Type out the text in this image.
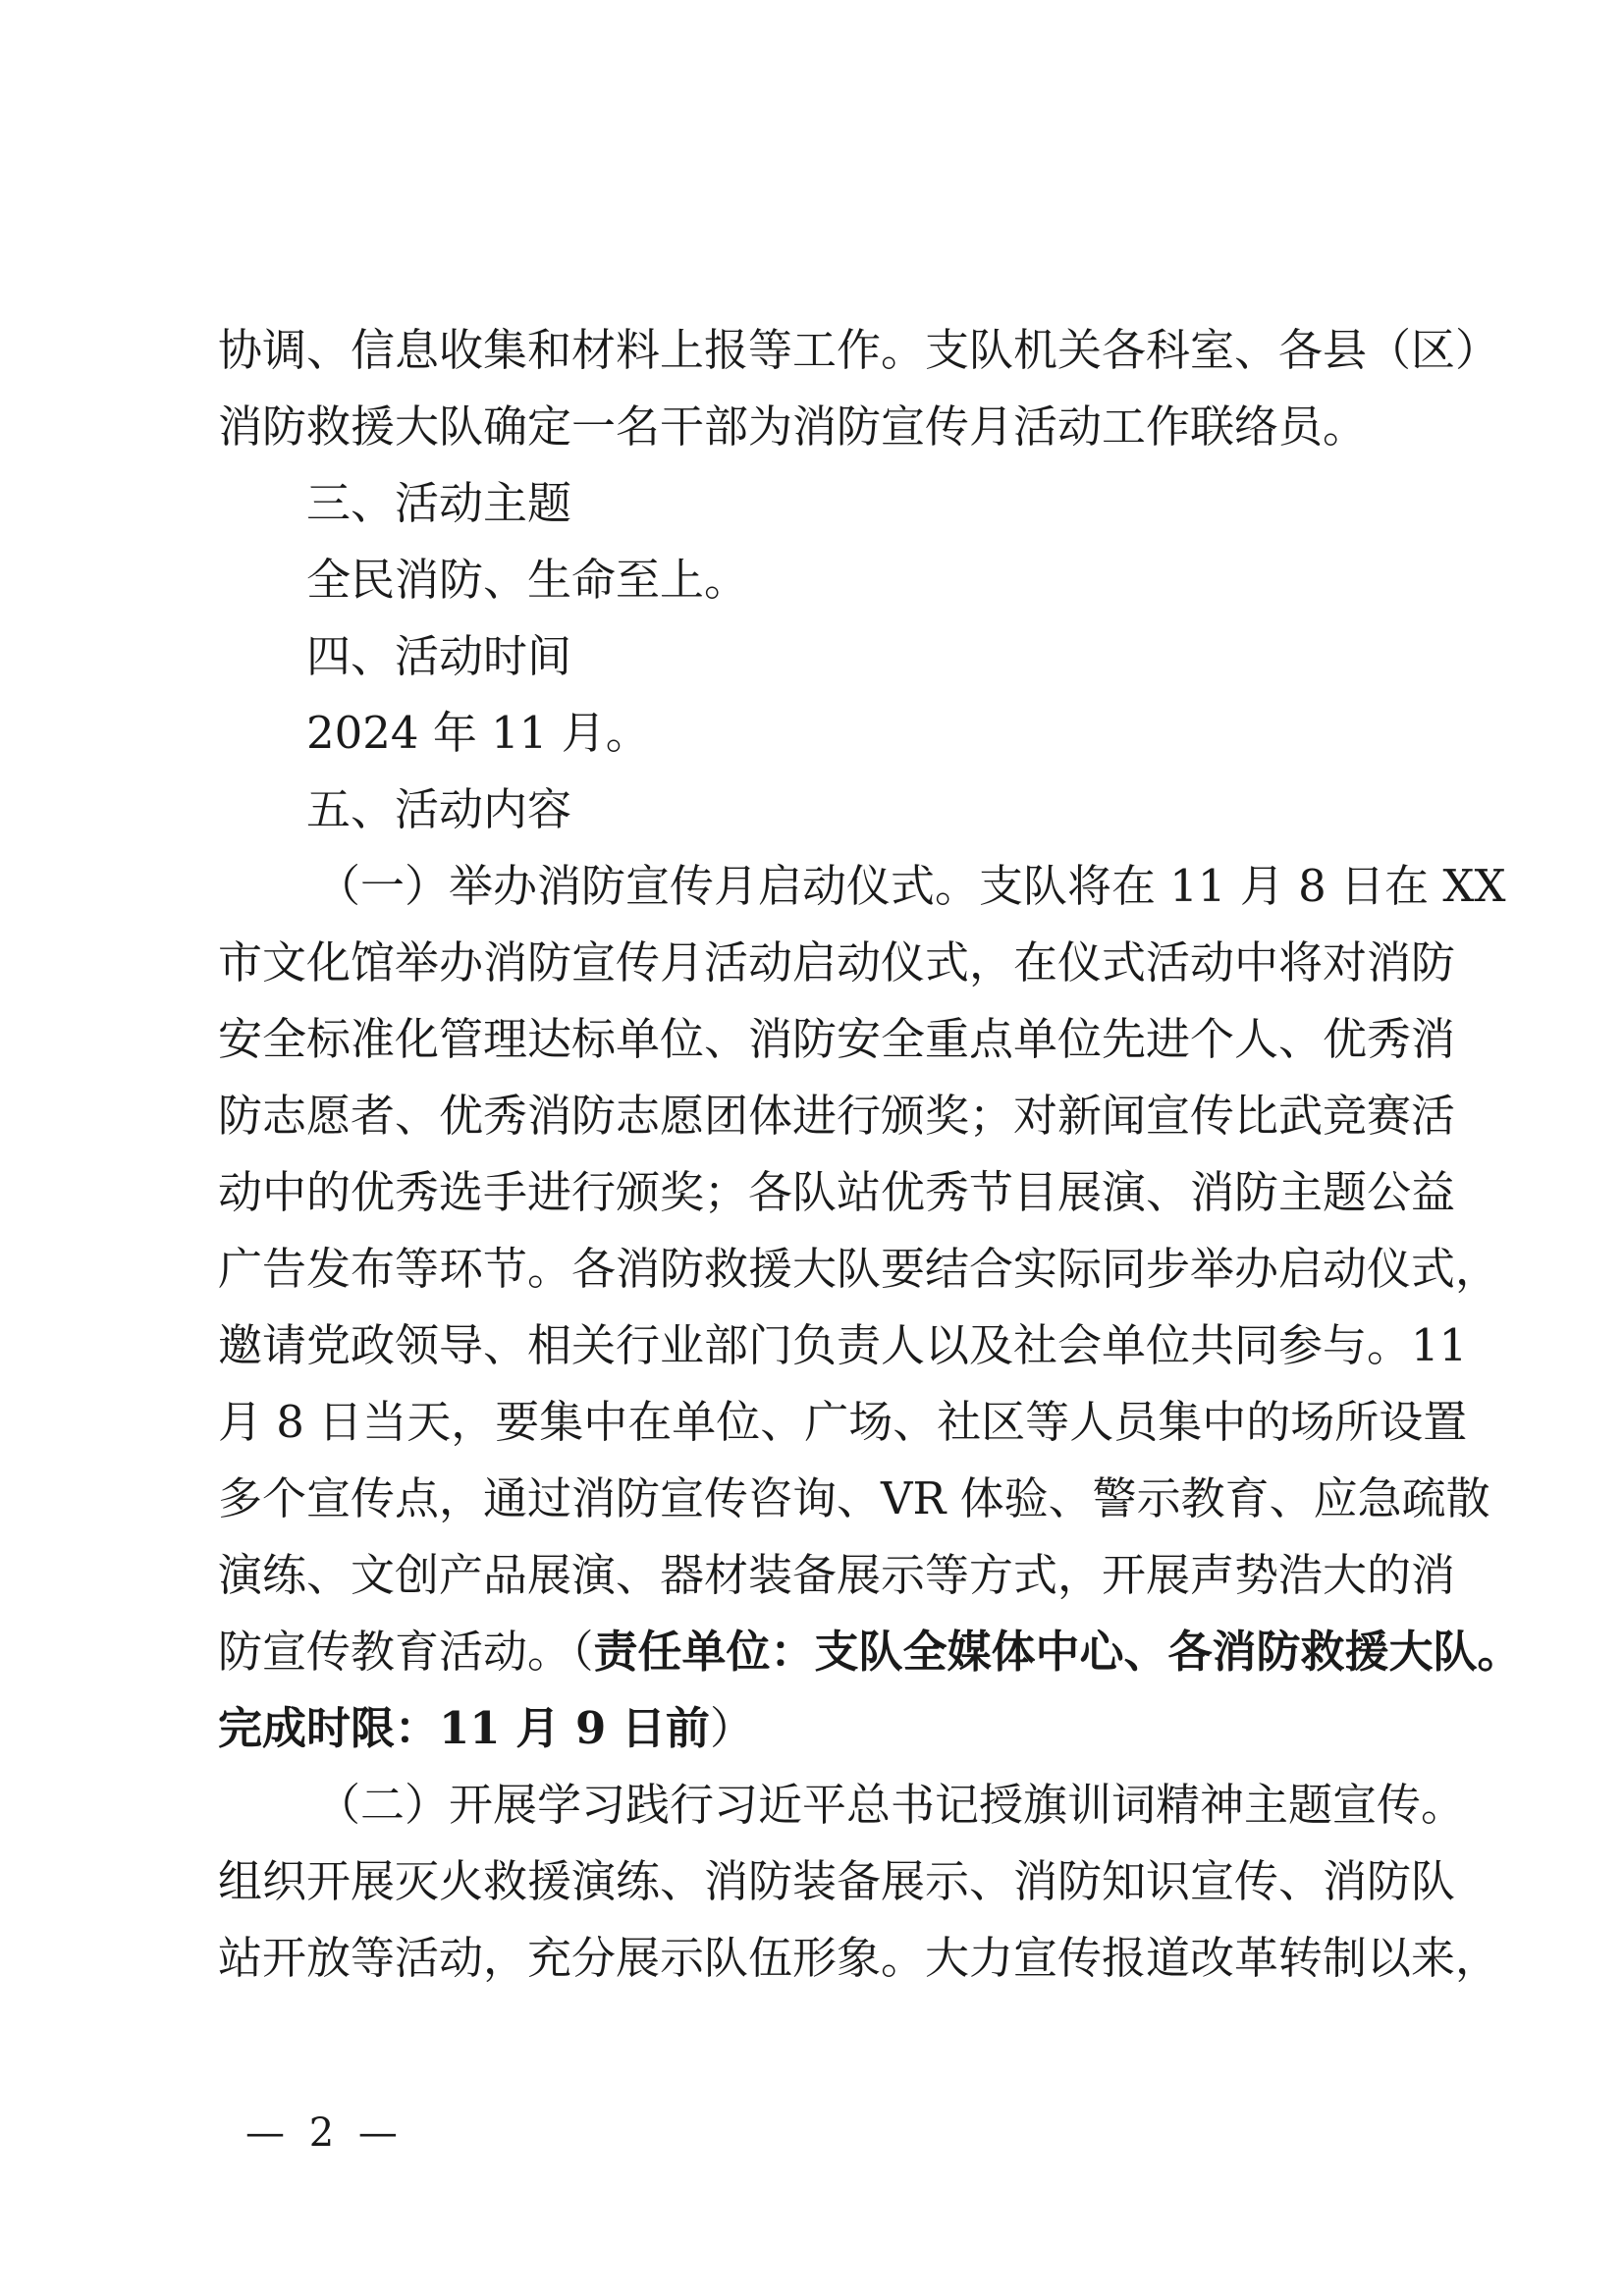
协调、信息收集和材料上报等工作。支队机关各科室、各县（区）
消防救援大队确定一名干部为消防宣传月活动工作联络员。
三、活动主题
全民消防、生命至上。
四、活动时间
2024 年 11 月。
五、活动内容
（一）举办消防宣传月启动仪式。支队将在 11 月 8 日在 XX
市文化馆举办消防宣传月活动启动仪式，在仪式活动中将对消防
安全标准化管理达标单位、消防安全重点单位先进个人、优秀消
防志愿者、优秀消防志愿团体进行颁奖；对新闻宣传比武竞赛活
动中的优秀选手进行颁奖；各队站优秀节目展演、消防主题公益
广告发布等环节。各消防救援大队要结合实际同步举办启动仪式，
邀请党政领导、相关行业部门负责人以及社会单位共同参与。11
月 8 日当天，要集中在单位、广场、社区等人员集中的场所设置
多个宣传点，通过消防宣传咨询、VR 体验、警示教育、应急疏散
演练、文创产品展演、器材装备展示等方式，开展声势浩大的消
防宣传教育活动。（责任单位：支队全媒体中心、各消防救援大队。
完成时限：11 月 9 日前）
（二）开展学习践行习近平总书记授旗训词精神主题宣传。
组织开展灭火救援演练、消防装备展示、消防知识宣传、消防队
站开放等活动，充分展示队伍形象。大力宣传报道改革转制以来，
— 2 —
